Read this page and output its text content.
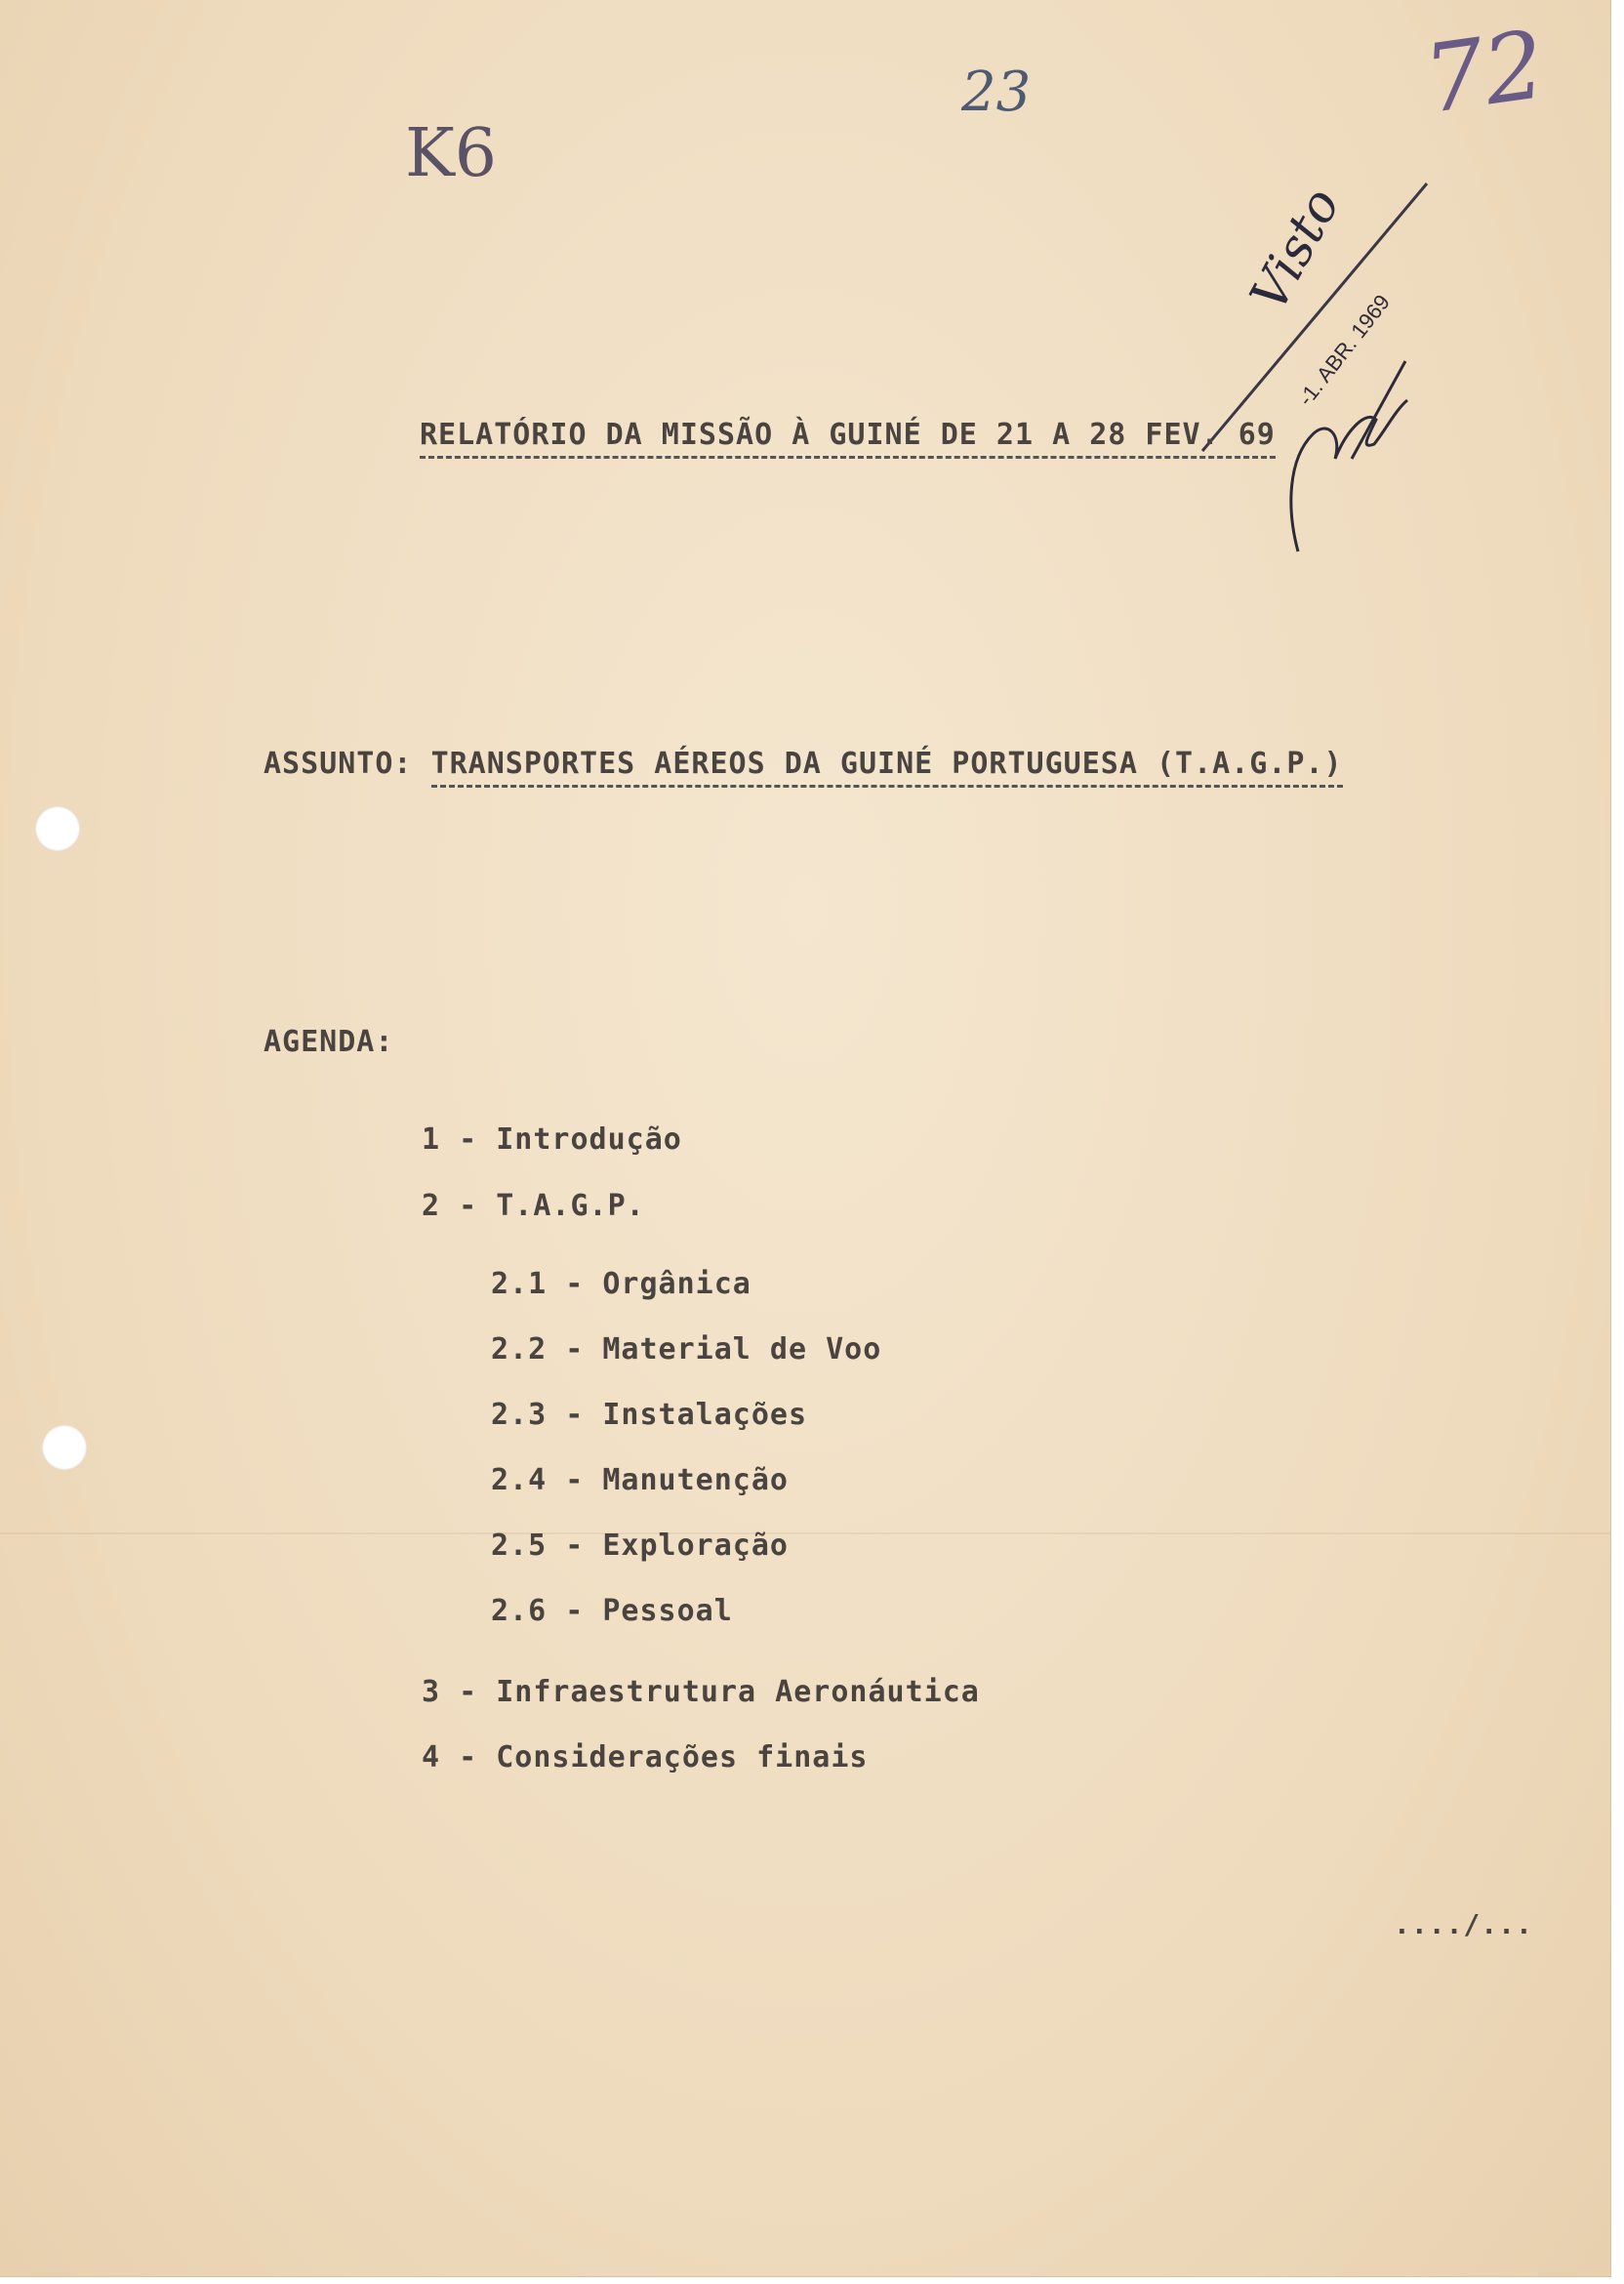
23
K6
72
Visto
-1. ABR. 1969
RELATÓRIO DA MISSÃO À GUINÉ DE 21 A 28 FEV. 69
ASSUNTO: TRANSPORTES AÉREOS DA GUINÉ PORTUGUESA (T.A.G.P.)
AGENDA:
1 - Introdução
2 - T.A.G.P.
2.1 - Orgânica
2.2 - Material de Voo
2.3 - Instalações
2.4 - Manutenção
2.5 - Exploração
2.6 - Pessoal
3 - Infraestrutura Aeronáutica
4 - Considerações finais
..../...
